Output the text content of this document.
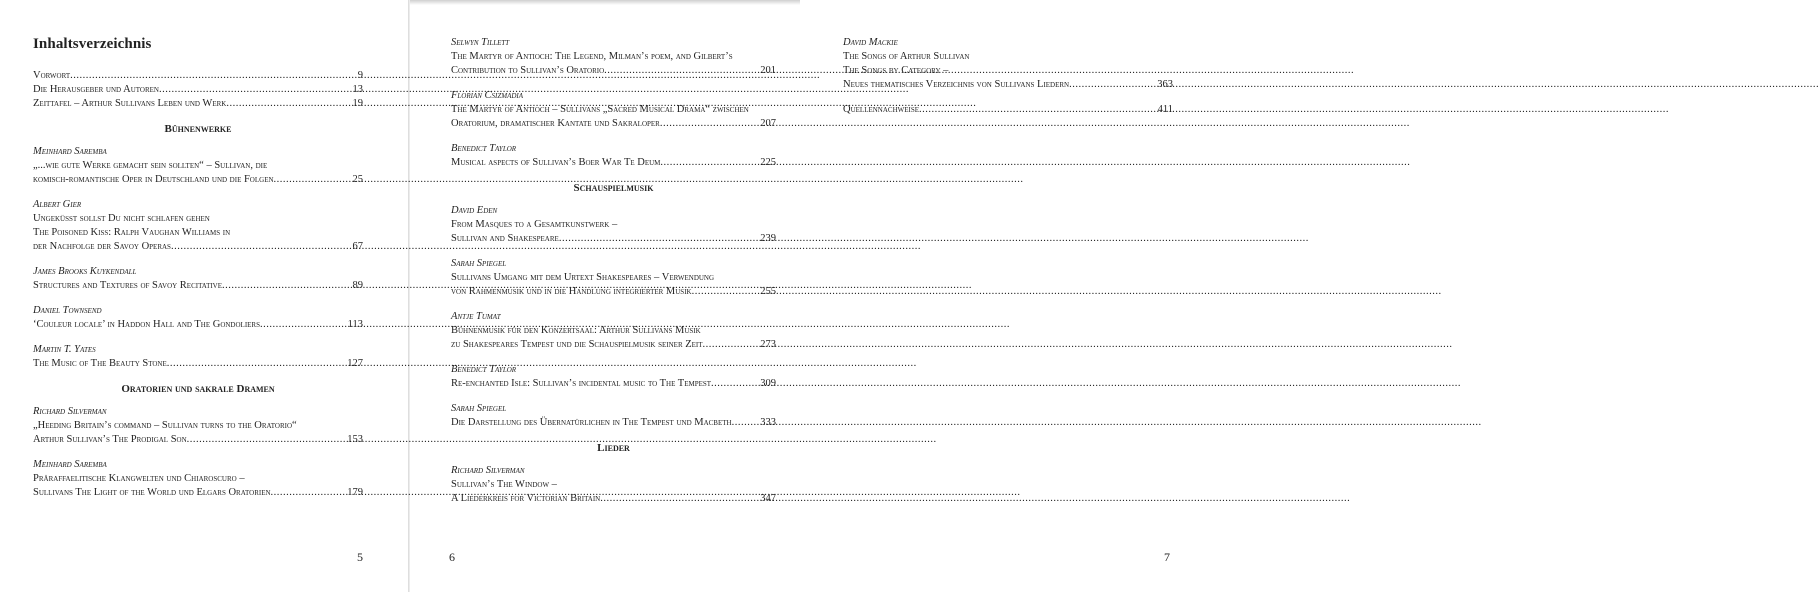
Inhaltsverzeichnis
Vorwort .....	9
Die Herausgeber und Autoren .....	13
Zeittafel – Arthur Sullivans Leben und Werk .....	19
Bühnenwerke
Meinhard Saremba
„...wie gute Werke gemacht sein sollten“ – Sullivan, die
komisch-romantische Oper in Deutschland und die Folgen .....	25
Albert Gier
Ungeküsst sollst Du nicht schlafen gehen
The Poisoned Kiss: Ralph Vaughan Williams in
der Nachfolge der Savoy Operas .....	67
James Brooks Kuykendall
Structures and Textures of Savoy Recitative .....	89
Daniel Townsend
‘Couleur locale’ in Haddon Hall and The Gondoliers .....	113
Martin T. Yates
The Music of The Beauty Stone .....	127
Oratorien und sakrale Dramen
Richard Silverman
„Heeding Britain’s command – Sullivan turns to the Oratorio“
Arthur Sullivan’s The Prodigal Son .....	153
Meinhard Saremba
Präraffaelitische Klangwelten und Chiaroscuro –
Sullivans The Light of the World und Elgars Oratorien .....	179
Selwyn Tillett
The Martyr of Antioch: The Legend, Milman’s poem, and Gilbert’s
Contribution to Sullivan’s Oratorio .....	201
Florian Csizmadia
The Martyr of Antioch – Sullivans „Sacred Musical Drama“ zwischen
Oratorium, dramatischer Kantate und Sakraloper .....	207
Benedict Taylor
Musical aspects of Sullivan’s Boer War Te Deum .....	225
Schauspielmusik
David Eden
From Masques to a Gesamtkunstwerk –
Sullivan and Shakespeare .....	239
Sarah Spiegel
Sullivans Umgang mit dem Urtext Shakespeares – Verwendung
von Rahmenmusik und in die Handlung integrierter Musik .....	255
Antje Tumat
Bühnenmusik für den Konzertsaal: Arthur Sullivans Musik
zu Shakespeares Tempest und die Schauspielmusik seiner Zeit .....	273
Benedict Taylor
Re-enchanted Isle: Sullivan’s incidental music to The Tempest .....	309
Sarah Spiegel
Die Darstellung des Übernatürlichen in The Tempest und Macbeth .....	333
Lieder
Richard Silverman
Sullivan’s The Window –
A Liederkreis for Victorian Britain .....	347
David Mackie
The Songs of Arthur Sullivan
The Songs by Category –
Neues thematisches Verzeichnis von Sullivans Liedern .....	363
Quellennachweise .....	411
5	6	7
